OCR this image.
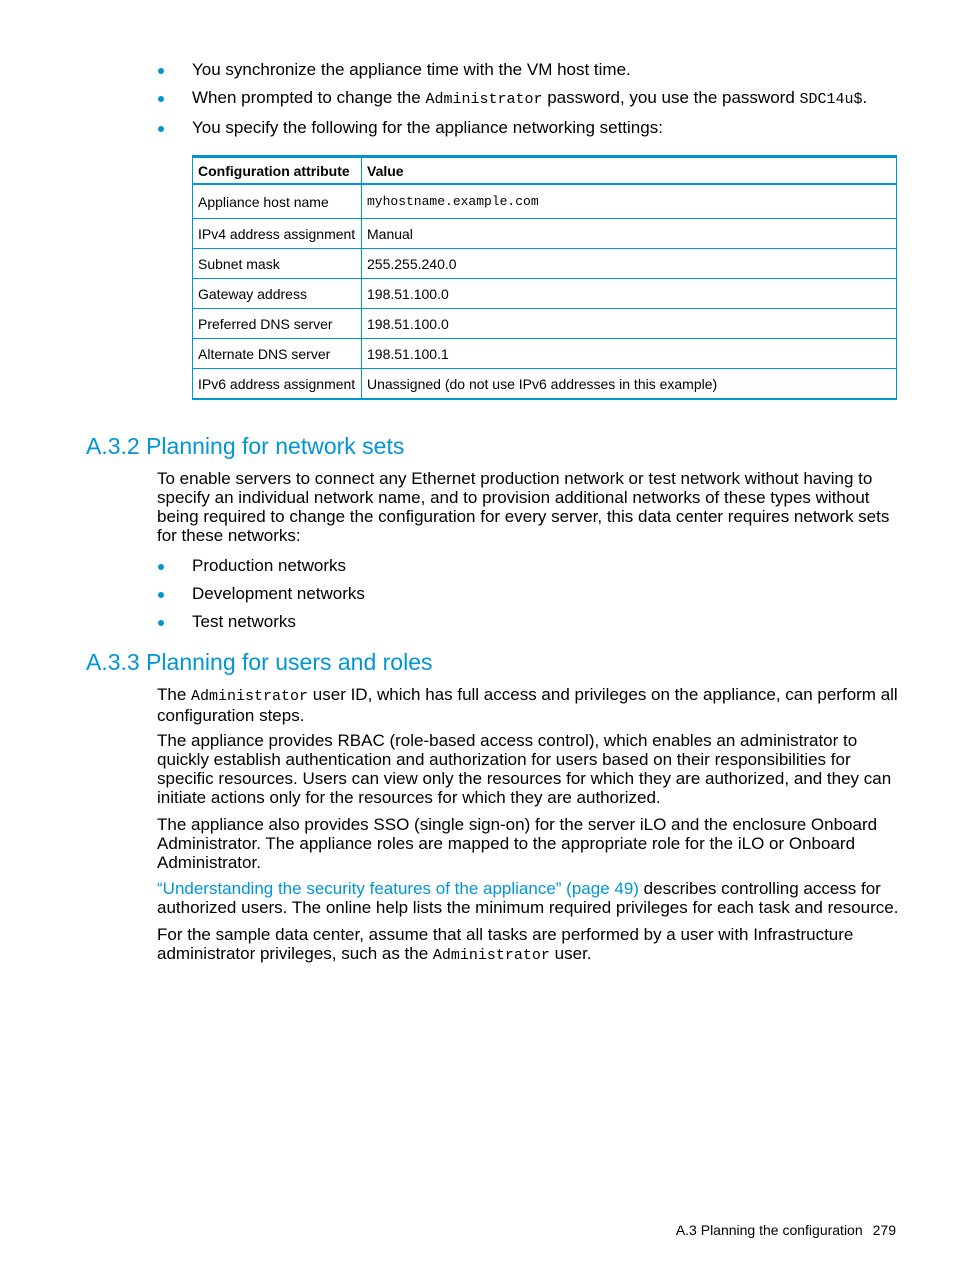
You synchronize the appliance time with the VM host time.
When prompted to change the Administrator password, you use the password SDC14u$.
You specify the following for the appliance networking settings:
Configuration attribute	Value
Appliance host name	myhostname.example.com
IPv4 address assignment	Manual
Subnet mask	255.255.240.0
Gateway address	198.51.100.0
Preferred DNS server	198.51.100.0
Alternate DNS server	198.51.100.1
IPv6 address assignment	Unassigned (do not use IPv6 addresses in this example)
A.3.2 Planning for network sets

To enable servers to connect any Ethernet production network or test network without having to specify an individual network name, and to provision additional networks of these types without being required to change the configuration for every server, this data center requires network sets for these networks:

Production networks
Development networks
Test networks
A.3.3 Planning for users and roles

The Administrator user ID, which has full access and privileges on the appliance, can perform all configuration steps.

The appliance provides RBAC (role-based access control), which enables an administrator to quickly establish authentication and authorization for users based on their responsibilities for specific resources. Users can view only the resources for which they are authorized, and they can initiate actions only for the resources for which they are authorized.

The appliance also provides SSO (single sign-on) for the server iLO and the enclosure Onboard Administrator. The appliance roles are mapped to the appropriate role for the iLO or Onboard Administrator.

“Understanding the security features of the appliance” (page 49) describes controlling access for authorized users. The online help lists the minimum required privileges for each task and resource.

For the sample data center, assume that all tasks are performed by a user with Infrastructure administrator privileges, such as the Administrator user.

A.3 Planning the configuration 279
